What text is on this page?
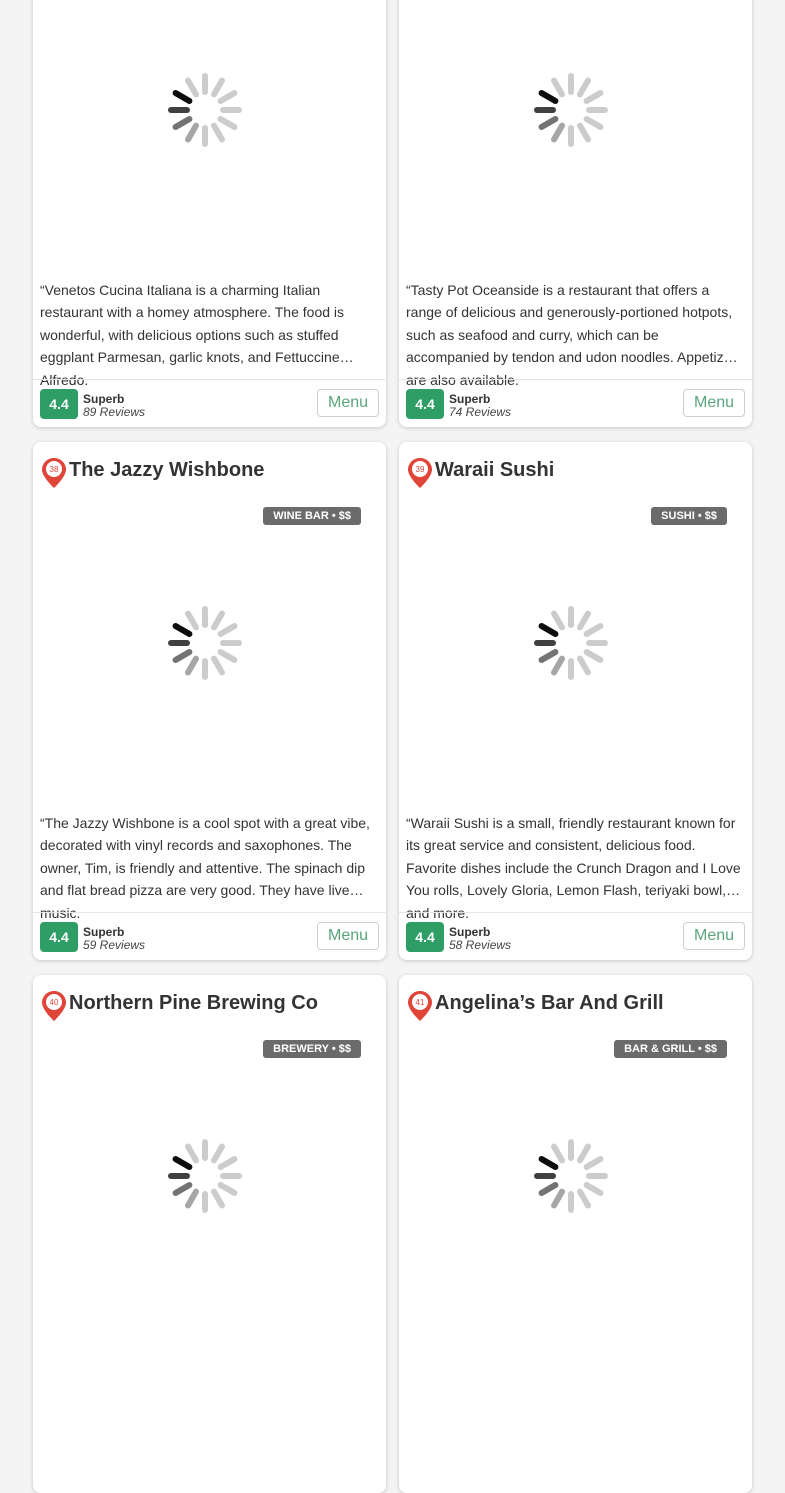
“Venetos Cucina Italiana is a charming Italian restaurant with a homey atmosphere. The food is wonderful, with delicious options such as stuffed eggplant Parmesan, garlic knots, and Fettuccine Alfredo.
4.4	Superb
89 Reviews
Menu
“Tasty Pot Oceanside is a restaurant that offers a range of delicious and generously-portioned hotpots, such as seafood and curry, which can be accompanied by tendon and udon noodles. Appetizers are also available.
4.4	Superb
74 Reviews
Menu
38 The Jazzy Wishbone
WINE BAR • $$
“The Jazzy Wishbone is a cool spot with a great vibe, decorated with vinyl records and saxophones. The owner, Tim, is friendly and attentive. The spinach dip and flat bread pizza are very good. They have live music.
4.4	Superb
59 Reviews
Menu
39 Waraii Sushi
SUSHI • $$
“Waraii Sushi is a small, friendly restaurant known for its great service and consistent, delicious food. Favorite dishes include the Crunch Dragon and I Love You rolls, Lovely Gloria, Lemon Flash, teriyaki bowl, and more.
4.4	Superb
58 Reviews
Menu
40 Northern Pine Brewing Co
BREWERY • $$
41 Angelina’s Bar And Grill
BAR & GRILL • $$
